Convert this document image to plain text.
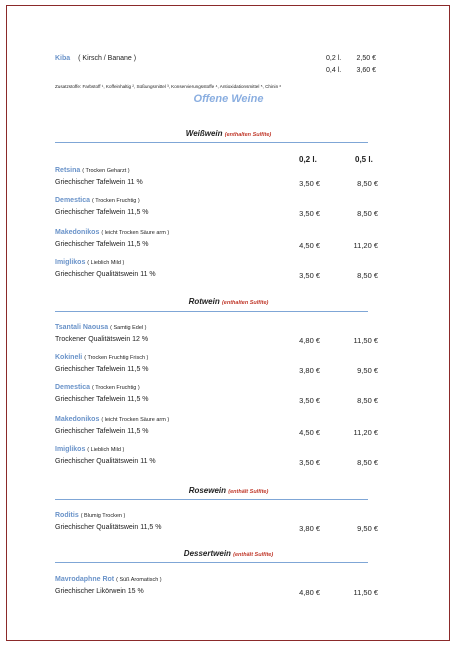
Kiba ( Kirsch / Banane )	0,2 l.	2,50 €
0,4 l.	3,60 €
Zusatzstoffe: Farbstoff ¹, Koffeinhaltig ², Süßungsmittel ³, Konservierungsstoffe ⁴, Antioxidationsmittel ⁵, Chinin ⁶
Offene Weine
Weißwein (enthalten Sulfite)
0,2 l.	0,5 l.
Retsina ( Trocken Geharzt )
Griechischer Tafelwein 11 %	3,50 €	8,50 €
Demestica ( Trocken Fruchtig )
Griechischer Tafelwein 11,5 %	3,50 €	8,50 €
Makedonikos ( leicht Trocken Säure arm )
Griechischer Tafelwein 11,5 %	4,50 €	11,20 €
Imiglikos ( Lieblich Mild )
Griechischer Qualitätswein 11 %	3,50 €	8,50 €
Tsantali Naousa ( Samtig Edel )
Trockener Qualitätswein 12 %	4,80 €	11,50 €
Kokineli ( Trocken Fruchtig Frisch )
Griechischer Tafelwein 11,5 %	3,80 €	9,50 €
Demestica ( Trocken Fruchtig )
Griechischer Tafelwein 11,5 %	3,50 €	8,50 €
Makedonikos ( leicht Trocken Säure arm )
Griechischer Tafelwein 11,5 %	4,50 €	11,20 €
Imiglikos ( Lieblich Mild )
Griechischer Qualitätswein 11 %	3,50 €	8,50 €
Roditis ( Blumig Trocken )
Griechischer Qualitätswein 11,5 %	3,80 €	9,50 €
Mavrodaphne Rot ( Süß Aromatisch )
Griechischer Likörwein 15 %	4,80 €	11,50 €
Rotwein (enthalten Sulfite)
Rosewein (enthält Sulfite)
Dessertwein (enthält Sulfite)
